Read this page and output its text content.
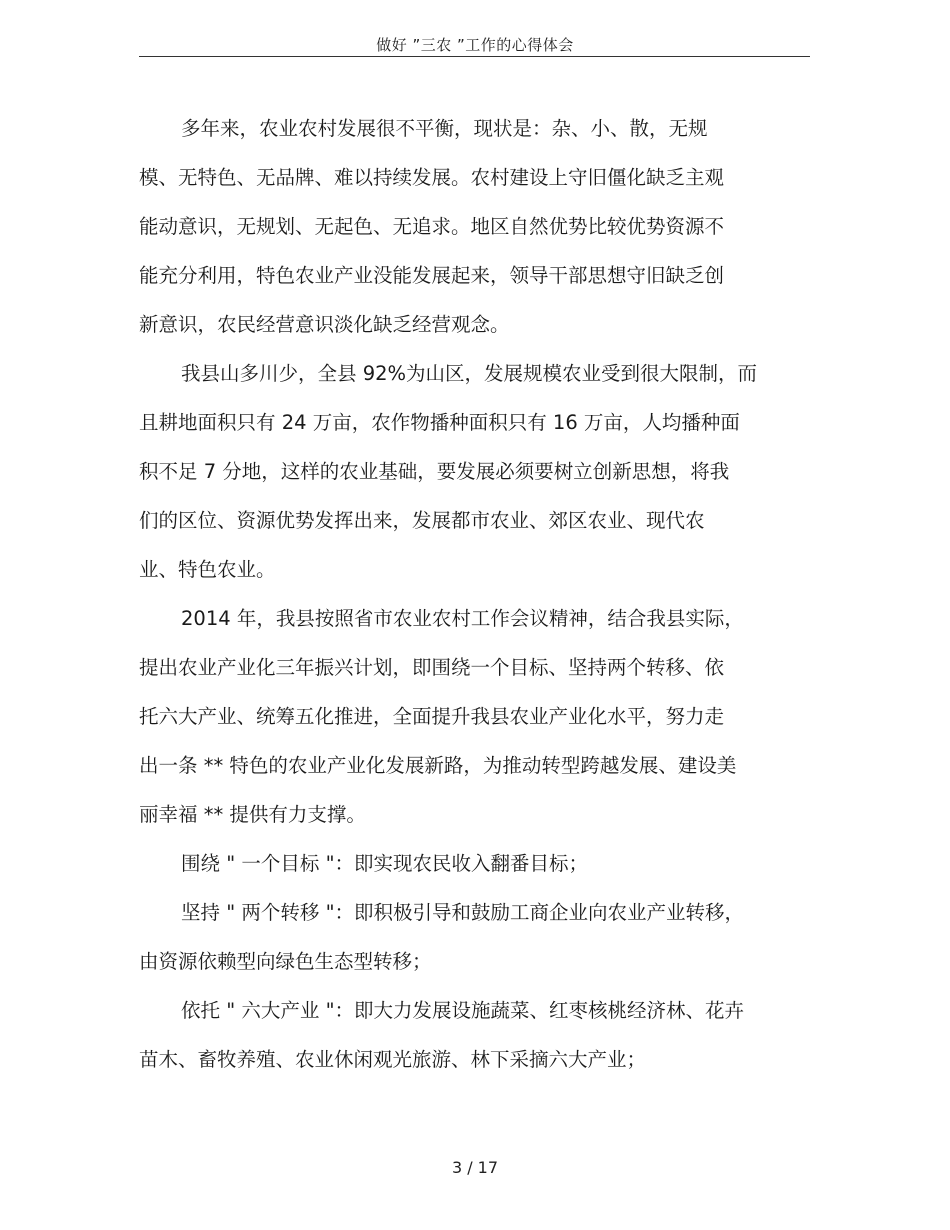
做好 ”三农 ”工作的心得体会
多年来，农业农村发展很不平衡，现状是：杂、小、散，无规
模、无特色、无品牌、难以持续发展。农村建设上守旧僵化缺乏主观
能动意识，无规划、无起色、无追求。地区自然优势比较优势资源不
能充分利用，特色农业产业没能发展起来，领导干部思想守旧缺乏创
新意识，农民经营意识淡化缺乏经营观念。
我县山多川少，全县 92%为山区，发展规模农业受到很大限制，而
且耕地面积只有 24 万亩，农作物播种面积只有 16 万亩，人均播种面
积不足 7 分地，这样的农业基础，要发展必须要树立创新思想，将我
们的区位、资源优势发挥出来，发展都市农业、郊区农业、现代农
业、特色农业。
2014 年，我县按照省市农业农村工作会议精神，结合我县实际，
提出农业产业化三年振兴计划，即围绕一个目标、坚持两个转移、依
托六大产业、统筹五化推进，全面提升我县农业产业化水平，努力走
出一条 ** 特色的农业产业化发展新路，为推动转型跨越发展、建设美
丽幸福 ** 提供有力支撑。
围绕 " 一个目标 "：即实现农民收入翻番目标；
坚持 " 两个转移 "：即积极引导和鼓励工商企业向农业产业转移，
由资源依赖型向绿色生态型转移；
依托 " 六大产业 "：即大力发展设施蔬菜、红枣核桃经济林、花卉
苗木、畜牧养殖、农业休闲观光旅游、林下采摘六大产业；
3 / 17
